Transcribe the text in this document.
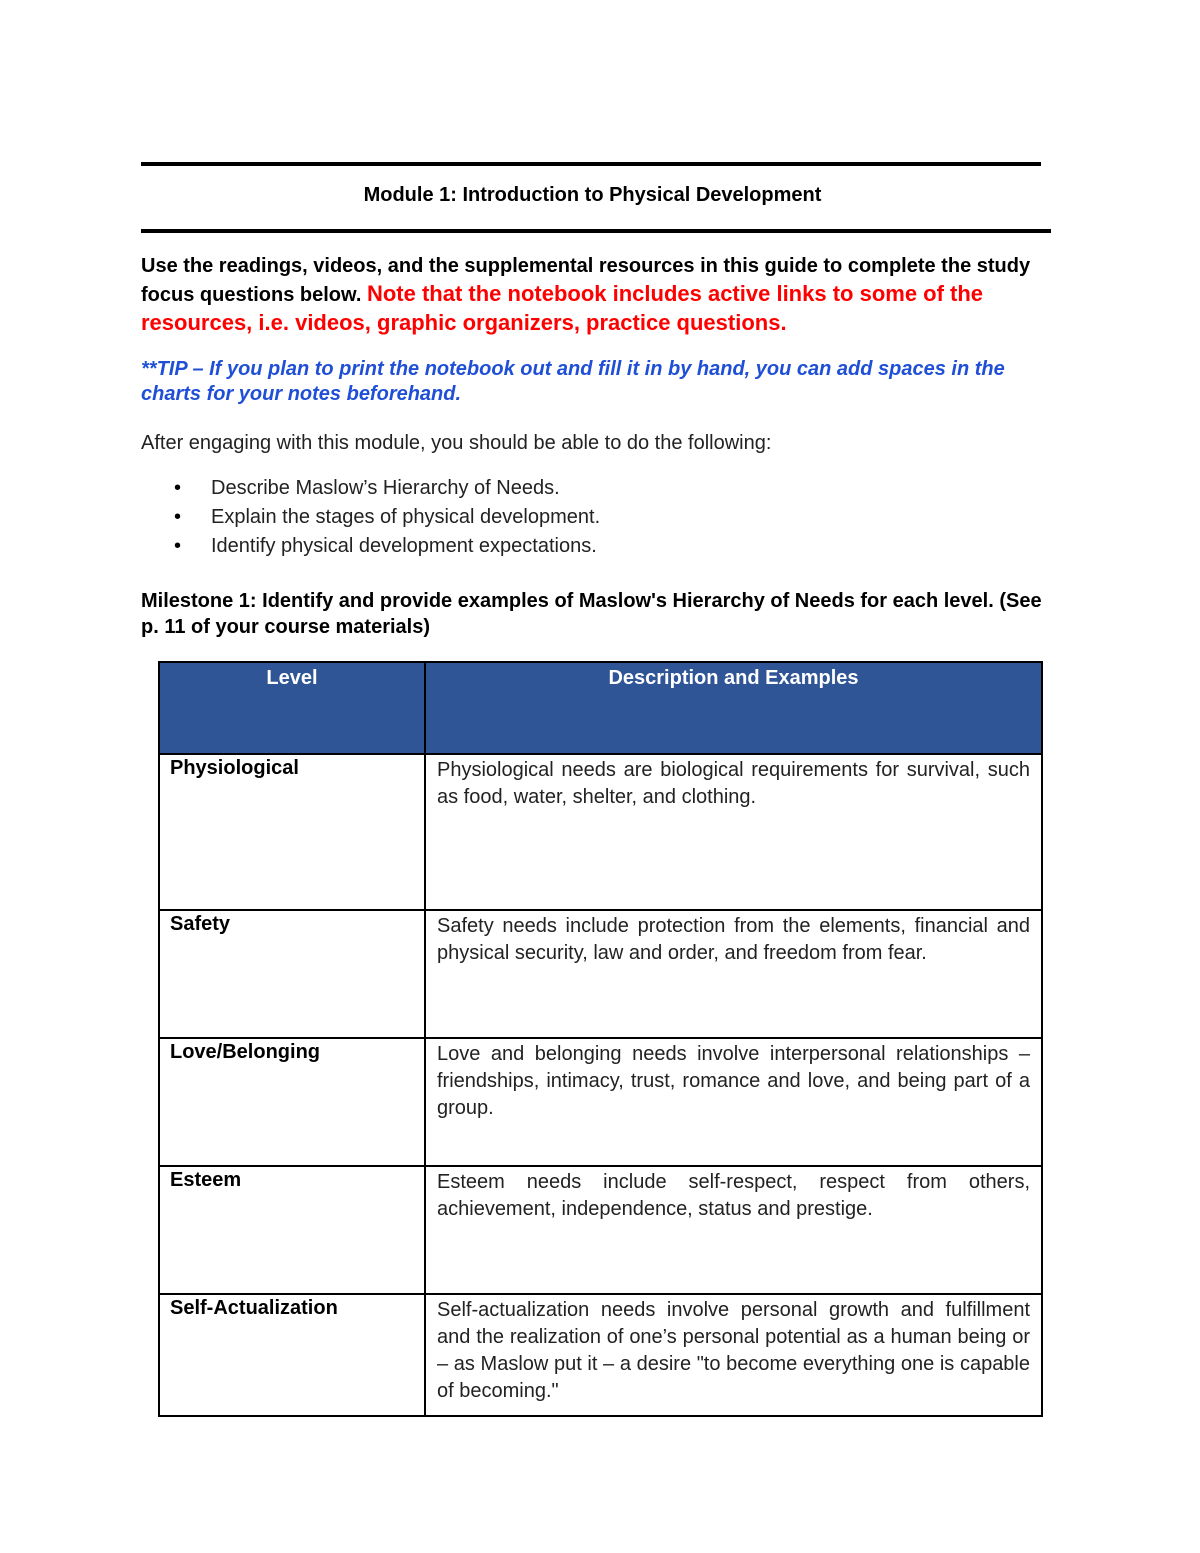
Module 1: Introduction to Physical Development

Use the readings, videos, and the supplemental resources in this guide to complete the study focus questions below. Note that the notebook includes active links to some of the resources, i.e. videos, graphic organizers, practice questions.

**TIP – If you plan to print the notebook out and fill it in by hand, you can add spaces in the charts for your notes beforehand.

After engaging with this module, you should be able to do the following:

• Describe Maslow’s Hierarchy of Needs.
• Explain the stages of physical development.
• Identify physical development expectations.

Milestone 1: Identify and provide examples of Maslow's Hierarchy of Needs for each level. (See p. 11 of your course materials)

Level	Description and Examples
Physiological	Physiological needs are biological requirements for survival, such as food, water, shelter, and clothing.
Safety	Safety needs include protection from the elements, financial and physical security, law and order, and freedom from fear.
Love/Belonging	Love and belonging needs involve interpersonal relationships – friendships, intimacy, trust, romance and love, and being part of a group.
Esteem	Esteem needs include self-respect, respect from others, achievement, independence, status and prestige.
Self-Actualization	Self-actualization needs involve personal growth and fulfillment and the realization of one’s personal potential as a human being or – as Maslow put it – a desire "to become everything one is capable of becoming."
